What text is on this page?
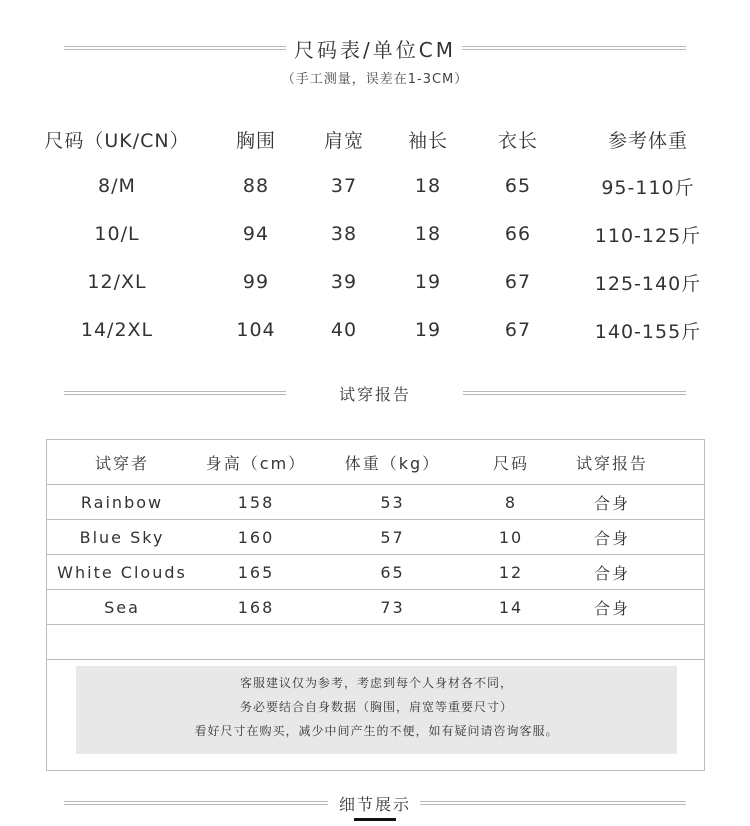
尺码表/单位CM
（手工测量，误差在1-3CM）
尺码（UK/CN）	胸围	肩宽	袖长	衣长	参考体重
8/M	88	37	18	65	95-110斤
10/L	94	38	18	66	110-125斤
12/XL	99	39	19	67	125-140斤
14/2XL	104	40	19	67	140-155斤
试穿报告
试穿者	身高（cm）	体重（kg）	尺码	试穿报告	
Rainbow	158	53	8	合身	
Blue Sky	160	57	10	合身	
White Clouds	165	65	12	合身	
Sea	168	73	14	合身	

客服建议仅为参考，考虑到每个人身材各不同，
务必要结合自身数据（胸围，肩宽等重要尺寸）
看好尺寸在购买，减少中间产生的不便，如有疑问请咨询客服。
细节展示
